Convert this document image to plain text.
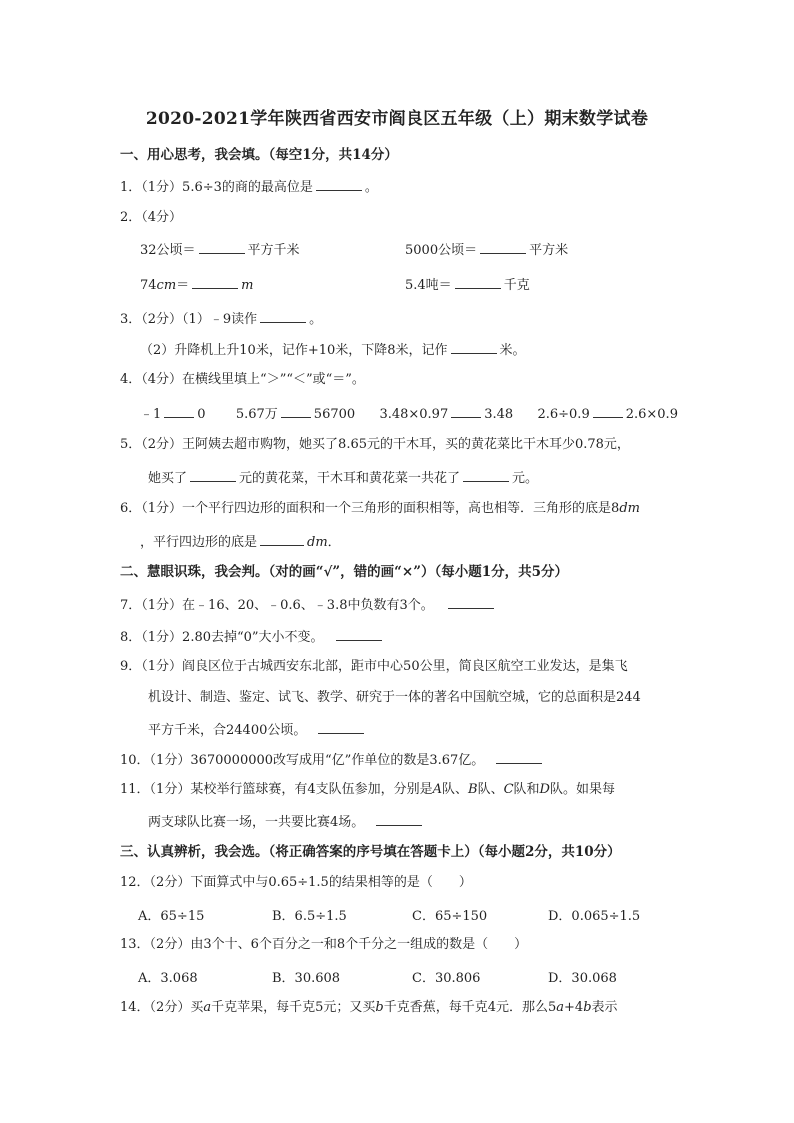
2020-2021学年陕西省西安市阎良区五年级（上）期末数学试卷
一、用心思考，我会填。（每空1分，共14分）
1．（1分）5.6÷3的商的最高位是	。
2．（4分）
32公顷＝	平方千米	5000公顷＝	平方米
74cm＝	m	5.4吨＝	千克
3．（2分）（1）﹣9读作	。
（2）升降机上升10米，记作+10米，下降8米，记作	米。
4．（4分）在横线里填上“＞”“＜”或“＝”。
﹣1	0 5.67万	56700 3.48×0.97	3.48 2.6÷0.9	2.6×0.9
5．（2分）王阿姨去超市购物，她买了8.65元的干木耳，买的黄花菜比干木耳少0.78元，
她买了	元的黄花菜，干木耳和黄花菜一共花了	元。
6．（1分）一个平行四边形的面积和一个三角形的面积相等，高也相等．三角形的底是8dm
，平行四边形的底是	dm．
二、慧眼识珠，我会判。（对的画“√”，错的画“×”）（每小题1分，共5分）
7．（1分）在﹣16、20、﹣0.6、﹣3.8中负数有3个。
8．（1分）2.80去掉“0”大小不变。
9．（1分）阎良区位于古城西安东北部，距市中心50公里，简良区航空工业发达，是集飞
机设计、制造、鉴定、试飞、教学、研究于一体的著名中国航空城，它的总面积是244
平方千米，合24400公顷。
10．（1分）3670000000改写成用“亿”作单位的数是3.67亿。
11．（1分）某校举行篮球赛，有4支队伍参加，分别是A队、B队、C队和D队。如果每
两支球队比赛一场，一共要比赛4场。
三、认真辨析，我会选。（将正确答案的序号填在答题卡上）（每小题2分，共10分）
12．（2分）下面算式中与0.65÷1.5的结果相等的是（　　）
A．65÷15	B．6.5÷1.5	C．65÷150	D．0.065÷1.5
13．（2分）由3个十、6个百分之一和8个千分之一组成的数是（　　）
A．3.068	B．30.608	C．30.806	D．30.068
14．（2分）买a千克苹果，每千克5元；又买b千克香蕉，每千克4元．那么5a+4b表示
